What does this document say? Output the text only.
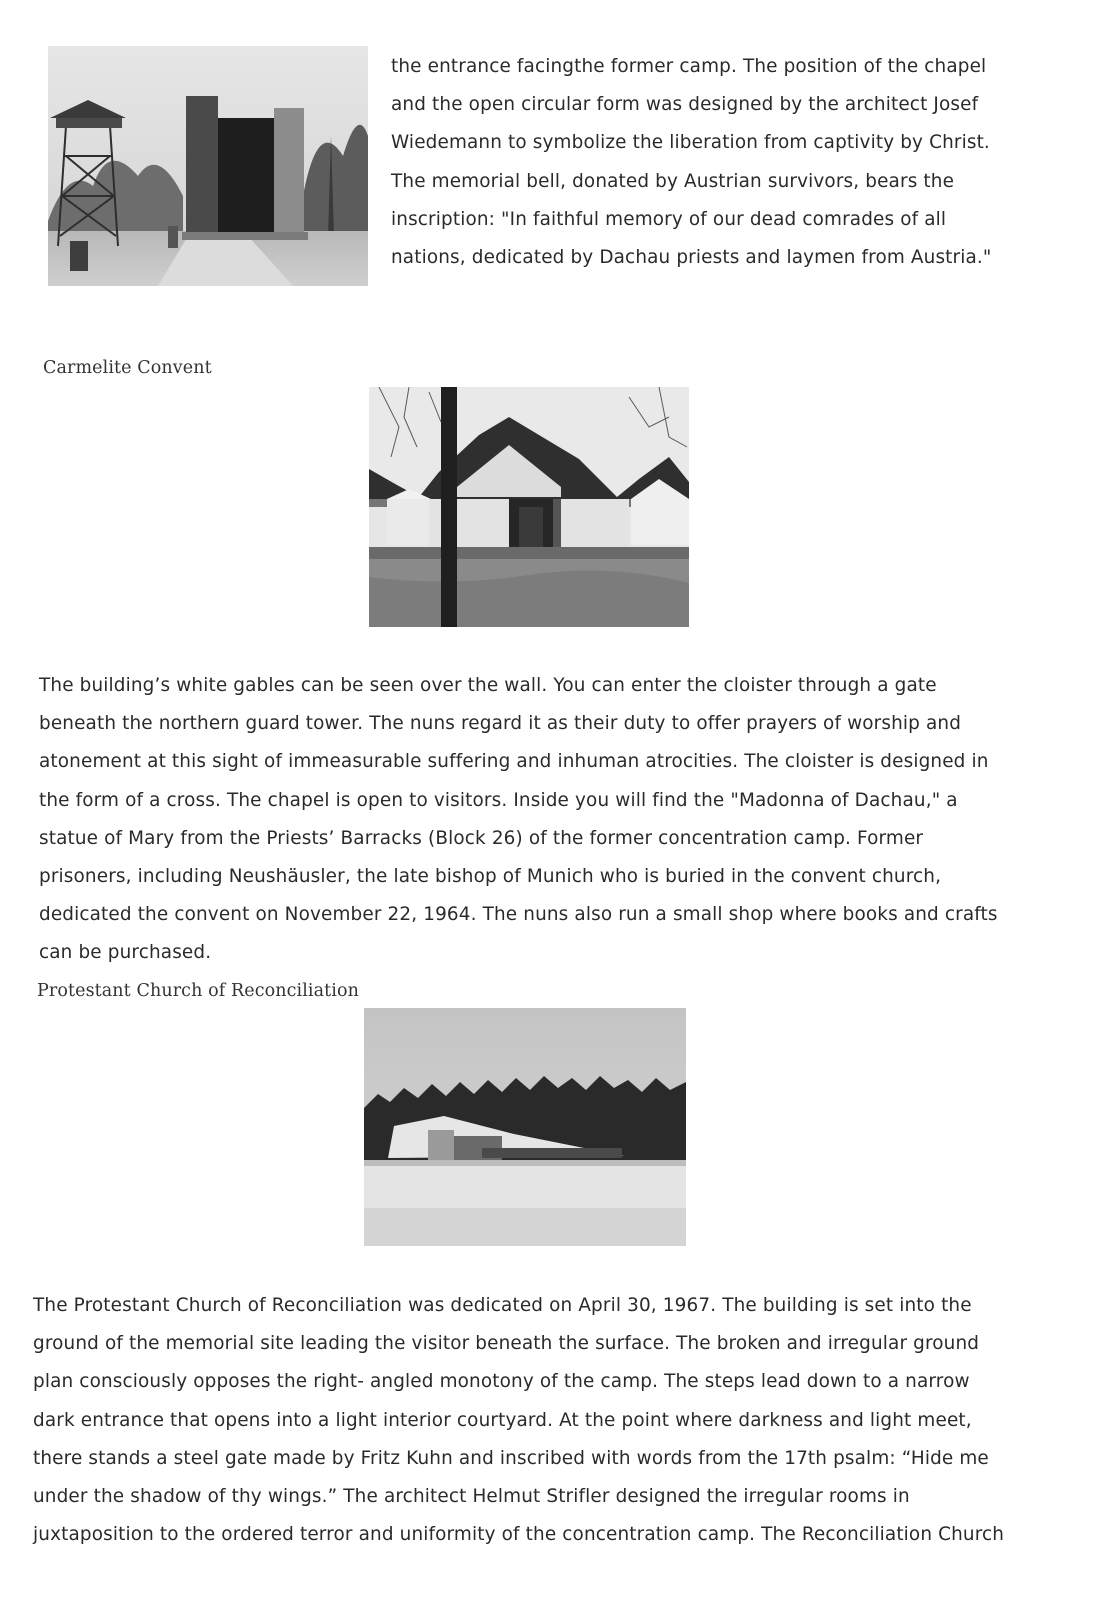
the entrance facingthe former camp. The position of the chapel
and the open circular form was designed by the architect Josef
Wiedemann to symbolize the liberation from captivity by Christ.
The memorial bell, donated by Austrian survivors, bears the
inscription: "In faithful memory of our dead comrades of all
nations, dedicated by Dachau priests and laymen from Austria."
Carmelite Convent
The building’s white gables can be seen over the wall. You can enter the cloister through a gate
beneath the northern guard tower. The nuns regard it as their duty to offer prayers of worship and
atonement at this sight of immeasurable suffering and inhuman atrocities. The cloister is designed in
the form of a cross. The chapel is open to visitors. Inside you will find the "Madonna of Dachau," a
statue of Mary from the Priests’ Barracks (Block 26) of the former concentration camp. Former
prisoners, including Neushäusler, the late bishop of Munich who is buried in the convent church,
dedicated the convent on November 22, 1964. The nuns also run a small shop where books and crafts
can be purchased.
Protestant Church of Reconciliation
The Protestant Church of Reconciliation was dedicated on April 30, 1967. The building is set into the
ground of the memorial site leading the visitor beneath the surface. The broken and irregular ground
plan consciously opposes the right- angled monotony of the camp. The steps lead down to a narrow
dark entrance that opens into a light interior courtyard. At the point where darkness and light meet,
there stands a steel gate made by Fritz Kuhn and inscribed with words from the 17th psalm: “Hide me
under the shadow of thy wings.” The architect Helmut Strifler designed the irregular rooms in
juxtaposition to the ordered terror and uniformity of the concentration camp. The Reconciliation Church
